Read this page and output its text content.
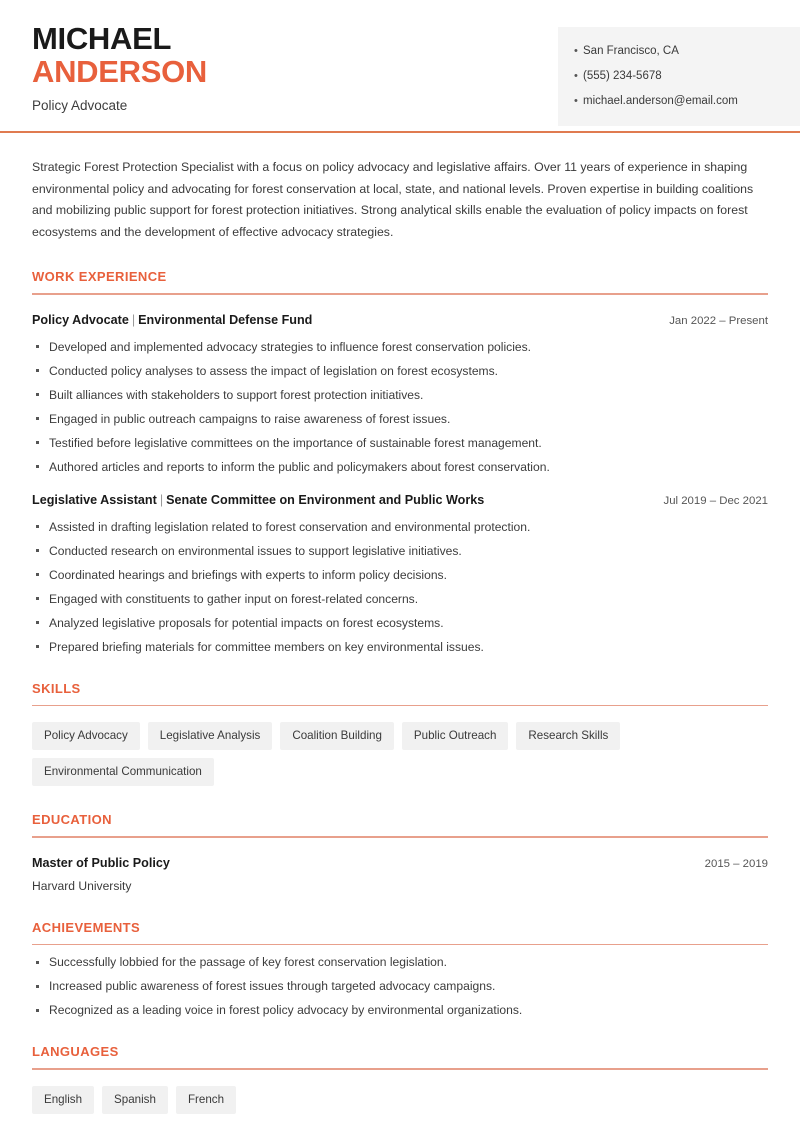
MICHAEL
ANDERSON
Policy Advocate
• San Francisco, CA
• (555) 234-5678
• michael.anderson@email.com
Strategic Forest Protection Specialist with a focus on policy advocacy and legislative affairs. Over 11 years of experience in shaping environmental policy and advocating for forest conservation at local, state, and national levels. Proven expertise in building coalitions and mobilizing public support for forest protection initiatives. Strong analytical skills enable the evaluation of policy impacts on forest ecosystems and the development of effective advocacy strategies.
WORK EXPERIENCE
Policy Advocate | Environmental Defense Fund	Jan 2022 – Present
Developed and implemented advocacy strategies to influence forest conservation policies.
Conducted policy analyses to assess the impact of legislation on forest ecosystems.
Built alliances with stakeholders to support forest protection initiatives.
Engaged in public outreach campaigns to raise awareness of forest issues.
Testified before legislative committees on the importance of sustainable forest management.
Authored articles and reports to inform the public and policymakers about forest conservation.
Legislative Assistant | Senate Committee on Environment and Public Works	Jul 2019 – Dec 2021
Assisted in drafting legislation related to forest conservation and environmental protection.
Conducted research on environmental issues to support legislative initiatives.
Coordinated hearings and briefings with experts to inform policy decisions.
Engaged with constituents to gather input on forest-related concerns.
Analyzed legislative proposals for potential impacts on forest ecosystems.
Prepared briefing materials for committee members on key environmental issues.
SKILLS
Policy Advocacy	Legislative Analysis	Coalition Building	Public Outreach	Research Skills
Environmental Communication
EDUCATION
Master of Public Policy	2015 – 2019
Harvard University
ACHIEVEMENTS
Successfully lobbied for the passage of key forest conservation legislation.
Increased public awareness of forest issues through targeted advocacy campaigns.
Recognized as a leading voice in forest policy advocacy by environmental organizations.
LANGUAGES
English	Spanish	French
